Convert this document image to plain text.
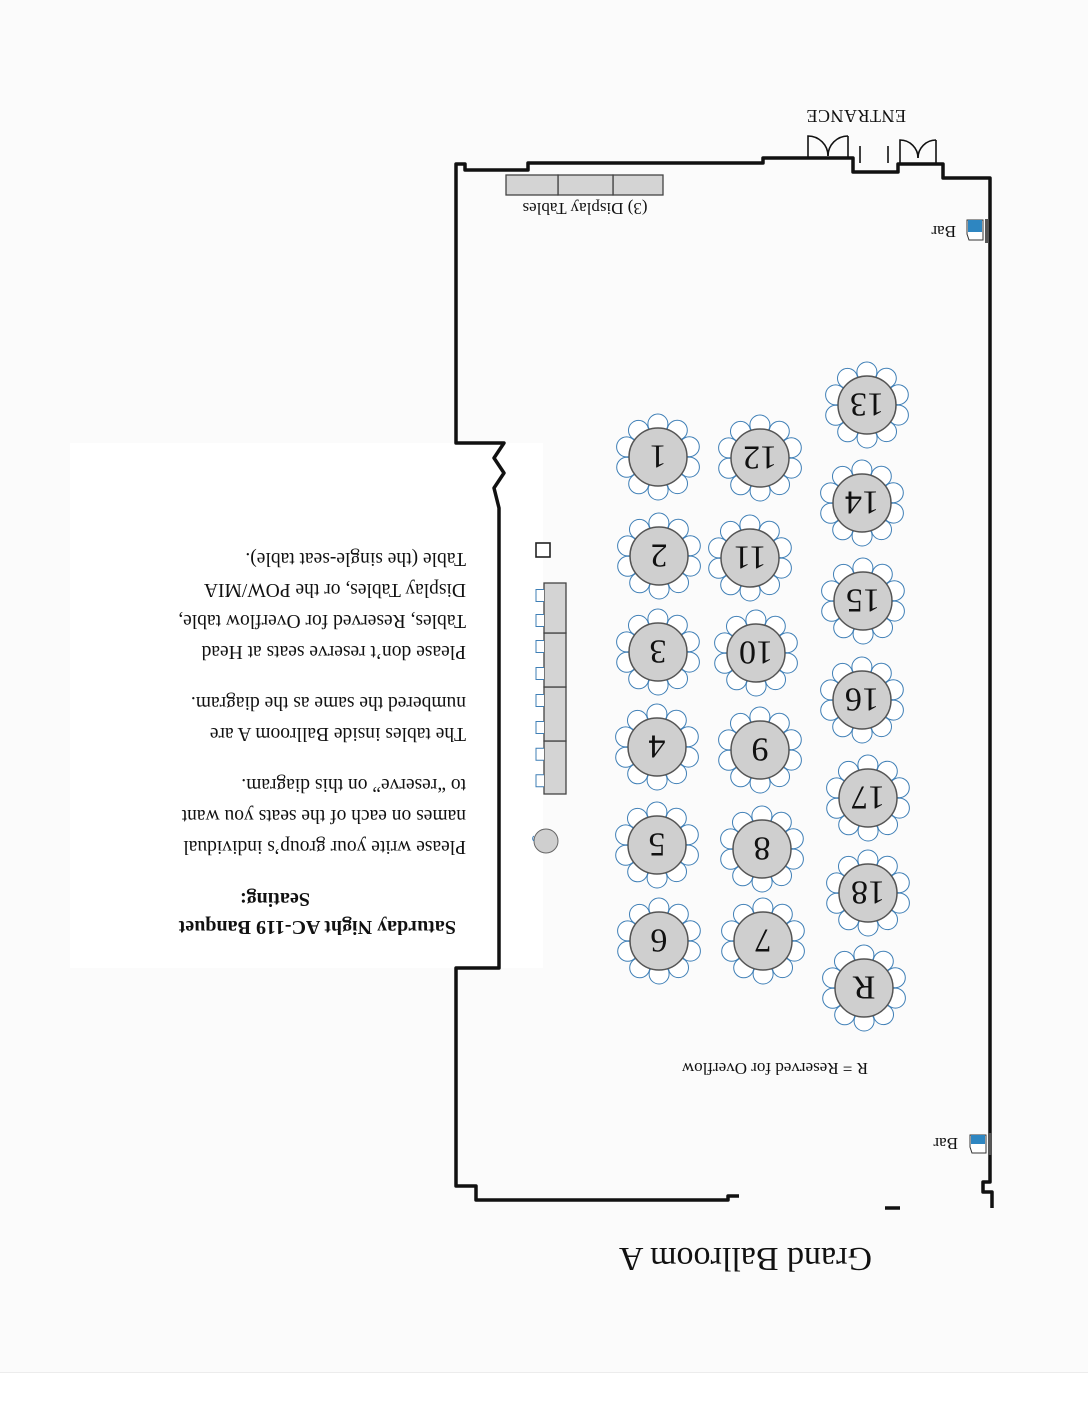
ENTRANCE
Bar
Bar
R = Reserved for Overflow
R
1
2
3
4
5
6	7
8
9
10
11
12
13
14
15
16
17
18
(3) Display Tables
Saturday Night AC-119 Banquet
Seating:
Please write your group’s individual
names on each of the seats you want
to “reserve” on this diagram.
The tables inside Ballroom A are
numbered the same as the diagram.
Please don’t reserve seats at Head
Tables, Reserved for Overflow table,
Display Tables, or the POW/MIA
Table (the single-seat table).
Grand Ballroom A
